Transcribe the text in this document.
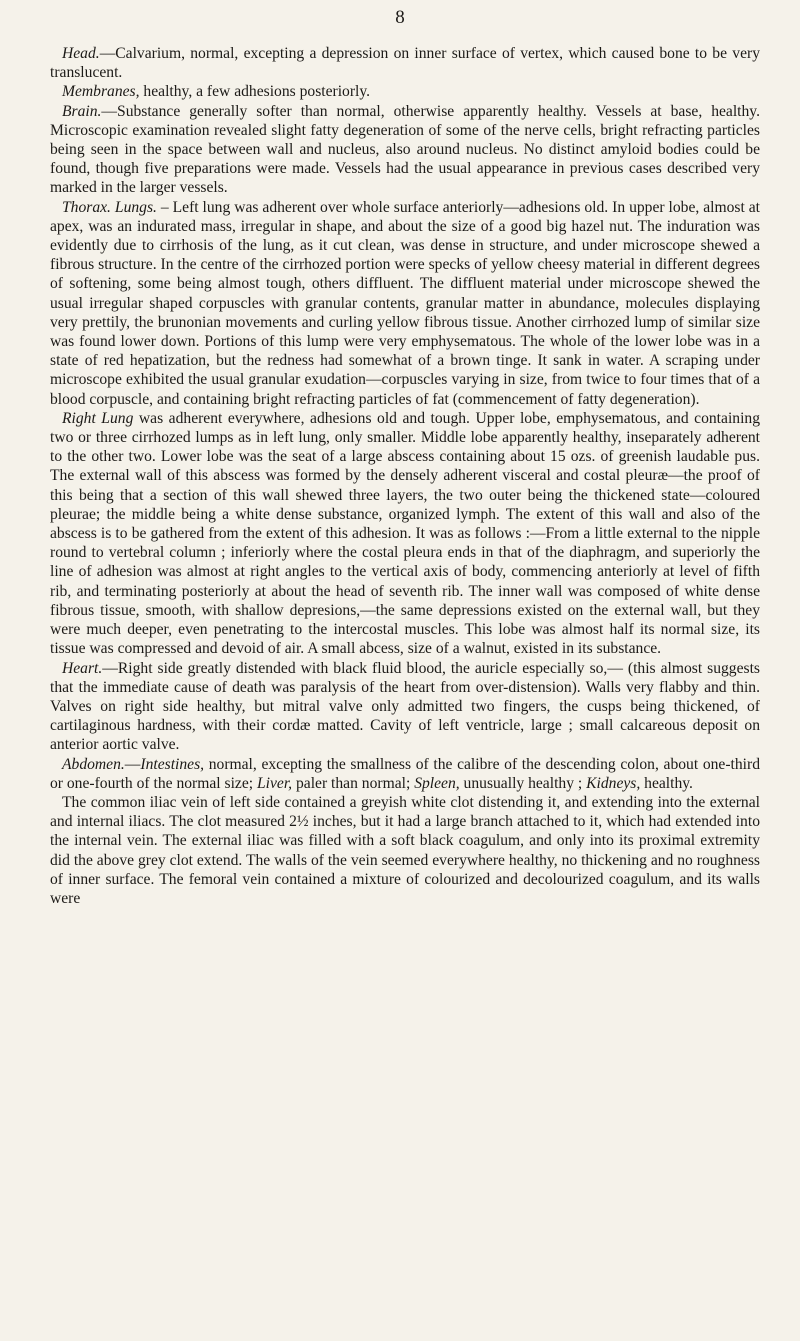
8

Head.—Calvarium, normal, excepting a depression on inner surface of vertex, which caused bone to be very translucent.

Membranes, healthy, a few adhesions posteriorly.

Brain.—Substance generally softer than normal, otherwise apparently healthy. Vessels at base, healthy. Microscopic examination revealed slight fatty degeneration of some of the nerve cells, bright refracting particles being seen in the space between wall and nucleus, also around nucleus. No distinct amyloid bodies could be found, though five preparations were made. Vessels had the usual appearance in previous cases described very marked in the larger vessels.

Thorax. Lungs. – Left lung was adherent over whole surface anteriorly—adhesions old. In upper lobe, almost at apex, was an indurated mass, irregular in shape, and about the size of a good big hazel nut. The induration was evidently due to cirrhosis of the lung, as it cut clean, was dense in structure, and under microscope shewed a fibrous structure. In the centre of the cirrhozed portion were specks of yellow cheesy material in different degrees of softening, some being almost tough, others diffluent. The diffluent material under microscope shewed the usual irregular shaped corpuscles with granular contents, granular matter in abundance, molecules displaying very prettily, the brunonian movements and curling yellow fibrous tissue. Another cirrhozed lump of similar size was found lower down. Portions of this lump were very emphysematous. The whole of the lower lobe was in a state of red hepatization, but the redness had somewhat of a brown tinge. It sank in water. A scraping under microscope exhibited the usual granular exudation—corpuscles varying in size, from twice to four times that of a blood corpuscle, and containing bright refracting particles of fat (commencement of fatty degeneration).

Right Lung was adherent everywhere, adhesions old and tough. Upper lobe, emphysematous, and containing two or three cirrhozed lumps as in left lung, only smaller. Middle lobe apparently healthy, inseparately adherent to the other two. Lower lobe was the seat of a large abscess containing about 15 ozs. of greenish laudable pus. The external wall of this abscess was formed by the densely adherent visceral and costal pleuræ—the proof of this being that a section of this wall shewed three layers, the two outer being the thickened state—coloured pleurae; the middle being a white dense substance, organized lymph. The extent of this wall and also of the abscess is to be gathered from the extent of this adhesion. It was as follows :—From a little external to the nipple round to vertebral column ; inferiorly where the costal pleura ends in that of the diaphragm, and superiorly the line of adhesion was almost at right angles to the vertical axis of body, commencing anteriorly at level of fifth rib, and terminating posteriorly at about the head of seventh rib. The inner wall was composed of white dense fibrous tissue, smooth, with shallow depresions,—the same depressions existed on the external wall, but they were much deeper, even penetrating to the intercostal muscles. This lobe was almost half its normal size, its tissue was compressed and devoid of air. A small abcess, size of a walnut, existed in its substance.

Heart.—Right side greatly distended with black fluid blood, the auricle especially so,— (this almost suggests that the immediate cause of death was paralysis of the heart from over-distension). Walls very flabby and thin. Valves on right side healthy, but mitral valve only admitted two fingers, the cusps being thickened, of cartilaginous hardness, with their cordæ matted. Cavity of left ventricle, large ; small calcareous deposit on anterior aortic valve.

Abdomen.—Intestines, normal, excepting the smallness of the calibre of the descending colon, about one-third or one-fourth of the normal size; Liver, paler than normal; Spleen, unusually healthy ; Kidneys, healthy.

The common iliac vein of left side contained a greyish white clot distending it, and extending into the external and internal iliacs. The clot measured 2½ inches, but it had a large branch attached to it, which had extended into the internal vein. The external iliac was filled with a soft black coagulum, and only into its proximal extremity did the above grey clot extend. The walls of the vein seemed everywhere healthy, no thickening and no roughness of inner surface. The femoral vein contained a mixture of colourized and decolourized coagulum, and its walls were
